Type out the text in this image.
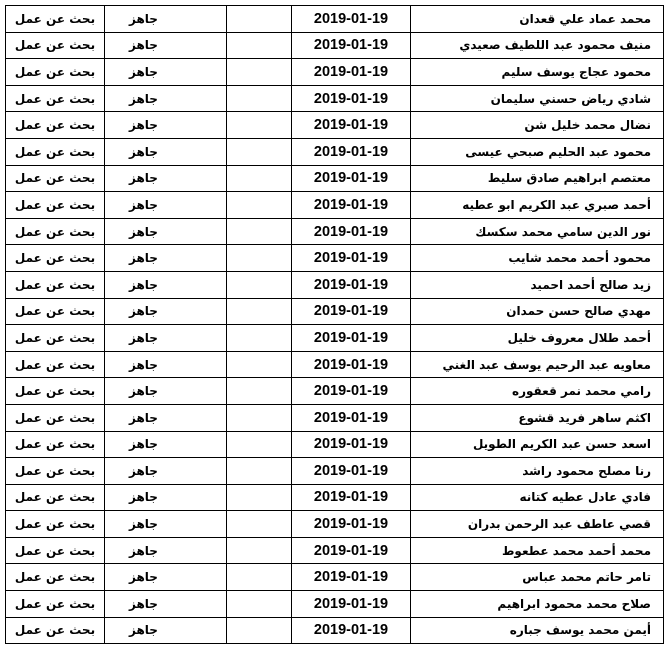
محمد عماد علي قعدان	2019-01-19		جاهز	بحث عن عمل
منيف محمود عبد اللطيف صعيدي	2019-01-19		جاهز	بحث عن عمل
محمود عجاج يوسف سليم	2019-01-19		جاهز	بحث عن عمل
شادي رياض حسني سليمان	2019-01-19		جاهز	بحث عن عمل
نضال محمد خليل شن	2019-01-19		جاهز	بحث عن عمل
محمود عبد الحليم صبحي عيسى	2019-01-19		جاهز	بحث عن عمل
معتصم ابراهيم صادق سليط	2019-01-19		جاهز	بحث عن عمل
أحمد صبري عبد الكريم ابو عطيه	2019-01-19		جاهز	بحث عن عمل
نور الدين سامي محمد سكسك	2019-01-19		جاهز	بحث عن عمل
محمود أحمد محمد شايب	2019-01-19		جاهز	بحث عن عمل
زيد صالح أحمد احميد	2019-01-19		جاهز	بحث عن عمل
مهدي صالح حسن حمدان	2019-01-19		جاهز	بحث عن عمل
أحمد طلال معروف خليل	2019-01-19		جاهز	بحث عن عمل
معاويه عبد الرحيم يوسف عبد الغني	2019-01-19		جاهز	بحث عن عمل
رامي محمد نمر قعقوره	2019-01-19		جاهز	بحث عن عمل
اكثم ساهر فريد قشوع	2019-01-19		جاهز	بحث عن عمل
اسعد حسن عبد الكريم الطويل	2019-01-19		جاهز	بحث عن عمل
رنا مصلح محمود راشد	2019-01-19		جاهز	بحث عن عمل
فادي عادل عطيه كتانه	2019-01-19		جاهز	بحث عن عمل
قصي عاطف عبد الرحمن بدران	2019-01-19		جاهز	بحث عن عمل
محمد أحمد محمد عطعوط	2019-01-19		جاهز	بحث عن عمل
تامر حاتم محمد عباس	2019-01-19		جاهز	بحث عن عمل
صلاح محمد محمود ابراهيم	2019-01-19		جاهز	بحث عن عمل
أيمن محمد يوسف جباره	2019-01-19		جاهز	بحث عن عمل
